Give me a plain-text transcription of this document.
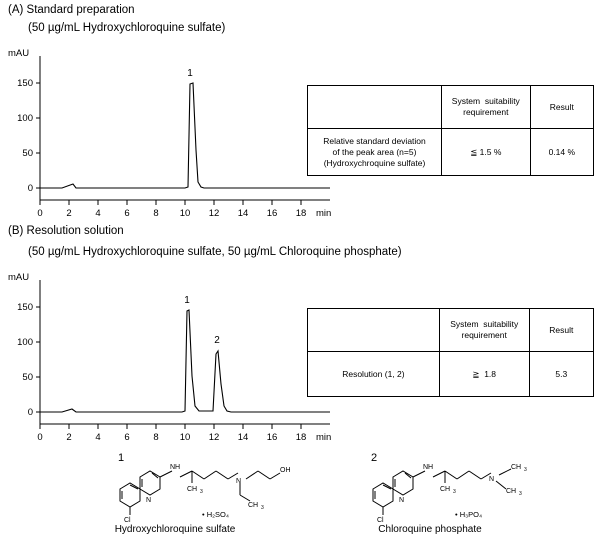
(A) Standard preparation
(50 µg/mL Hydroxychloroquine sulfate)
mAU
0
50
100
150
0 2 4 6 8 10 12 14 16 18 min
1
	System  suitability
requirement	Result
Relative standard deviation
of the peak area (n=5)
(Hydroxychroquine sulfate)	≦ 1.5 %	0.14 %
(B) Resolution solution
(50 µg/mL Hydroxychloroquine sulfate, 50 µg/mL Chloroquine phosphate)
mAU
0
50
100
150
0 2 4 6 8 10 12 14 16 18 min
1
2
	System  suitability
requirement	Result
Resolution (1, 2)	≧  1.8	5.3
1
N
Cl
NH
N
OH
CH 3
CH 3
• H₂SO₄
Hydroxychloroquine sulfate
2
N
Cl
NH
N
CH 3
CH 3
CH 3
• H₃PO₄
Chloroquine phosphate
